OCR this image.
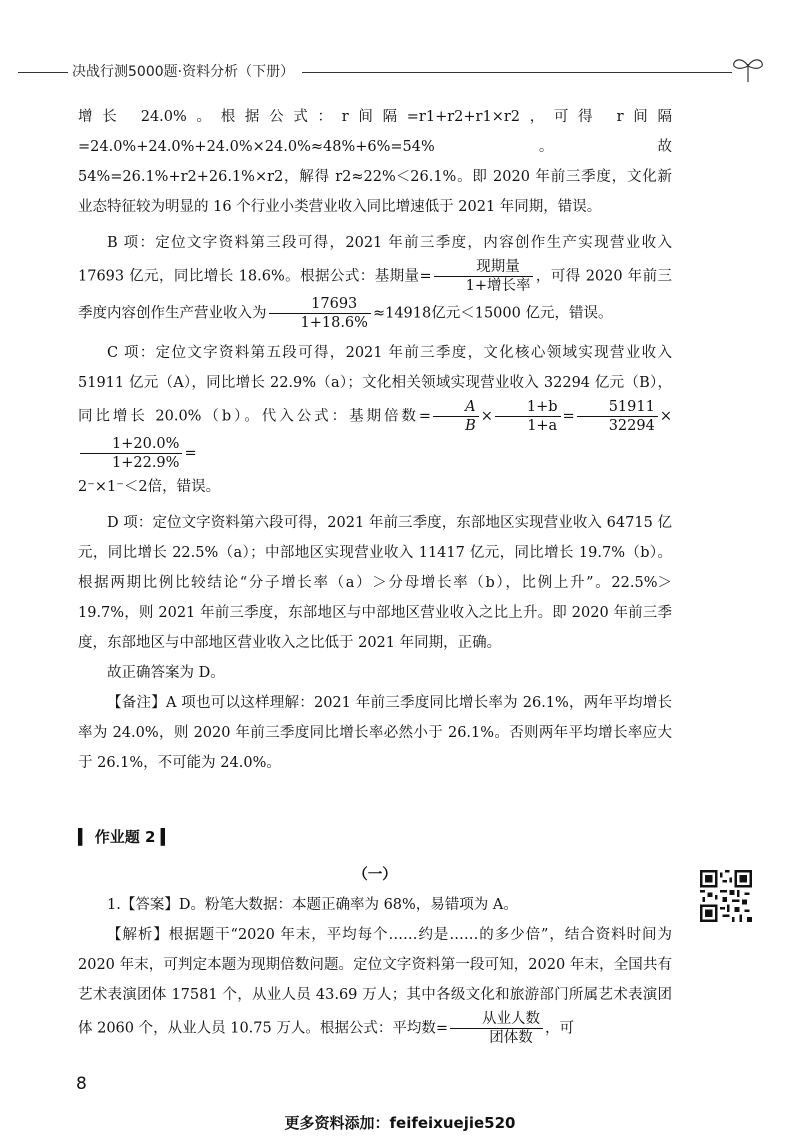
决战行测5000题·资料分析（下册）

增长 24.0%。根据公式：r间隔=r1+r2+r1×r2，可得 r间隔=24.0%+24.0%+24.0%×24.0%≈48%+6%=54%。故 54%=26.1%+r2+26.1%×r2，解得 r2≈22%＜26.1%。即 2020 年前三季度，文化新业态特征较为明显的 16 个行业小类营业收入同比增速低于 2021 年同期，错误。

B 项：定位文字资料第三段可得，2021 年前三季度，内容创作生产实现营业收入 17693 亿元，同比增长 18.6%。根据公式：基期量= $\frac{\text{现期量}}{\text{1+增长率}}$ ，可得 2020 年前三季度内容创作生产营业收入为 $\frac{17693}{1+18.6\%} \approx 14918$亿元＜15000 亿元，错误。

C 项：定位文字资料第五段可得，2021 年前三季度，文化核心领域实现营业收入 51911 亿元（A），同比增长 22.9%（a）；文化相关领域实现营业收入 32294 亿元（B），同比增长 20.0%（b）。代入公式：基期倍数= $\frac{A}{B} \times \frac{1+b}{1+a} = \frac{51911}{32294}$ ×
$\frac{1+20.0\%}{1+22.9\%}$ =
2⁻×1⁻＜2倍，错误。

D 项：定位文字资料第六段可得，2021 年前三季度，东部地区实现营业收入 64715 亿元，同比增长 22.5%（a）；中部地区实现营业收入 11417 亿元，同比增长 19.7%（b）。根据两期比例比较结论“分子增长率（a）＞分母增长率（b），比例上升”。22.5%＞19.7%，则 2021 年前三季度，东部地区与中部地区营业收入之比上升。即 2020 年前三季度，东部地区与中部地区营业收入之比低于 2021 年同期，正确。

故正确答案为 D。

【备注】A 项也可以这样理解：2021 年前三季度同比增长率为 26.1%，两年平均增长率为 24.0%，则 2020 年前三季度同比增长率必然小于 26.1%。否则两年平均增长率应大于 26.1%，不可能为 24.0%。

▍ 作业题 2 ▍
（一）

1.【答案】D。粉笔大数据：本题正确率为 68%，易错项为 A。

【解析】根据题干“2020 年末，平均每个……约是……的多少倍”，结合资料时间为 2020 年末，可判定本题为现期倍数问题。定位文字资料第一段可知，2020 年末，全国共有艺术表演团体 17581 个，从业人员 43.69 万人；其中各级文化和旅游部门所属艺术表演团体 2060 个，从业人员 10.75 万人。根据公式：平均数= $\frac{\text{从业人数}}{\text{团体数}}$ ，可

8
更多资料添加：feifeixuejie520
